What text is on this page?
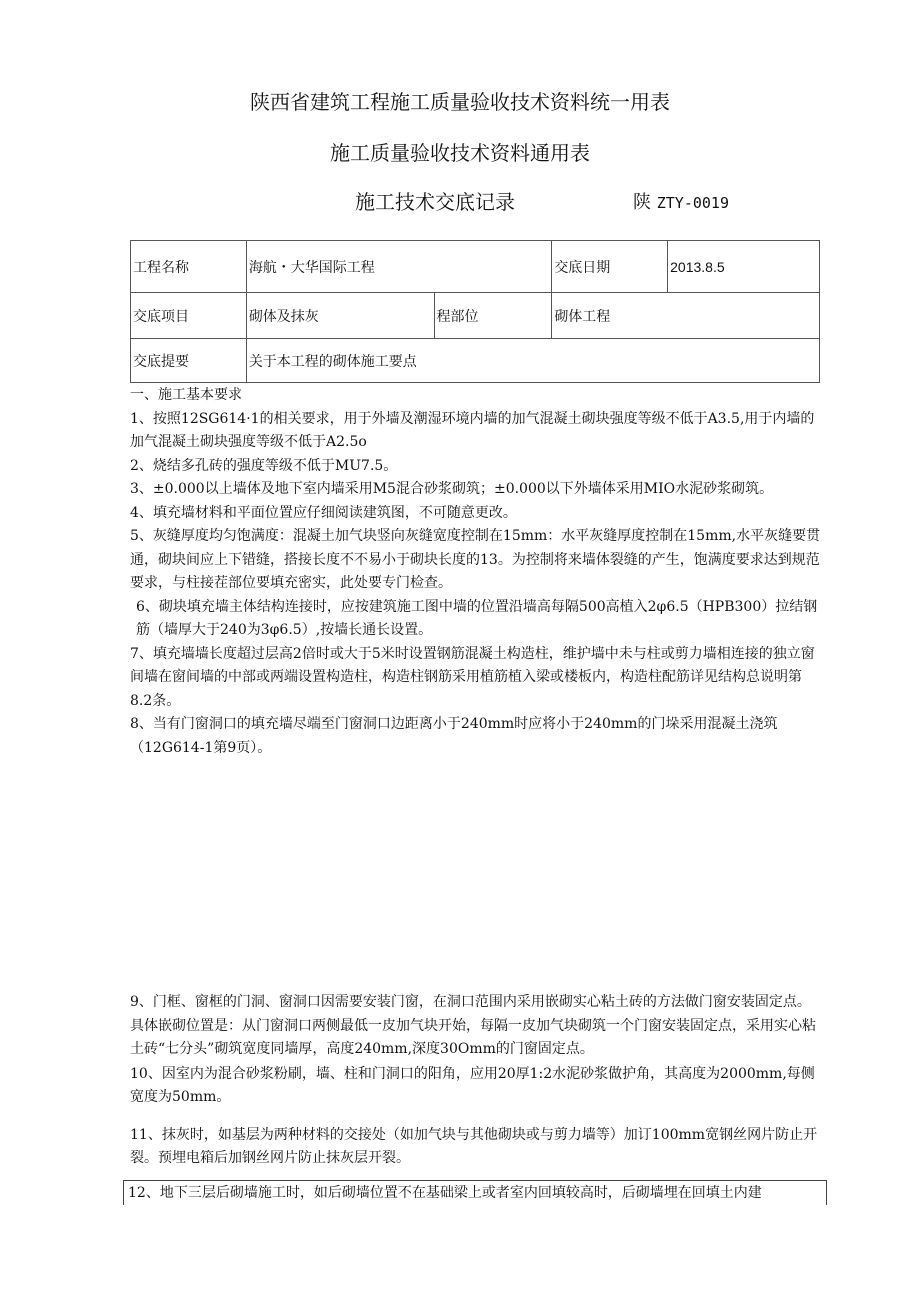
陕西省建筑工程施工质量验收技术资料统一用表
施工质量验收技术资料通用表
施工技术交底记录	陕 ZTY-0019
工程名称	海航・大华国际工程		交底日期	2013.8.5
交底项目	砌体及抹灰	程部位	砌体工程	
交底提要	关于本工程的砌体施工要点			

一、施工基本要求

1、按照12SG614·1的相关要求，用于外墙及潮湿环境内墙的加气混凝土砌块强度等级不低于A3.5,用于内墙的加气混凝土砌块强度等级不低于A2.5o

2、烧结多孔砖的强度等级不低于MU7.5。

3、±0.000以上墙体及地下室内墙采用M5混合砂浆砌筑；±0.000以下外墙体采用MIO水泥砂浆砌筑。

4、填充墙材料和平面位置应仔细阅读建筑图，不可随意更改。

5、灰缝厚度均匀饱满度：混凝土加气块竖向灰缝宽度控制在15mm：水平灰缝厚度控制在15mm,水平灰缝要贯通，砌块间应上下错缝，搭接长度不不易小于砌块长度的13。为控制将来墙体裂缝的产生，饱满度要求达到规范要求，与柱接茬部位要填充密实，此处要专门检查。

6、砌块填充墙主体结构连接时，应按建筑施工图中墙的位置沿墙高每隔500高植入2φ6.5（HPB300）拉结钢筋（墙厚大于240为3φ6.5）,按墙长通长设置。

7、填充墙墙长度超过层高2倍时或大于5米时设置钢筋混凝土构造柱，维护墙中未与柱或剪力墙相连接的独立窗间墙在窗间墙的中部或两端设置构造柱，构造柱钢筋采用植筋植入梁或楼板内，构造柱配筋详见结构总说明第8.2条。

8、当有门窗洞口的填充墙尽端至门窗洞口边距离小于240mm时应将小于240mm的门垛采用混凝土浇筑（12G614-1第9页）。

9、门框、窗框的门洞、窗洞口因需要安装门窗，在洞口范围内采用嵌砌实心粘土砖的方法做门窗安装固定点。具体嵌砌位置是：从门窗洞口两侧最低一皮加气块开始，每隔一皮加气块砌筑一个门窗安装固定点，采用实心粘土砖“七分头”砌筑宽度同墙厚，高度240mm,深度30Omm的门窗固定点。

10、因室内为混合砂浆粉刷，墙、柱和门洞口的阳角，应用20厚1:2水泥砂浆做护角，其高度为2000mm,每侧宽度为50mm。

11、抹灰时，如基层为两种材料的交接处（如加气块与其他砌块或与剪力墙等）加订100mm宽钢丝网片防止开裂。预埋电箱后加钢丝网片防止抹灰层开裂。

12、地下三层后砌墙施工时，如后砌墙位置不在基础梁上或者室内回填较高时，后砌墙埋在回填土内建
